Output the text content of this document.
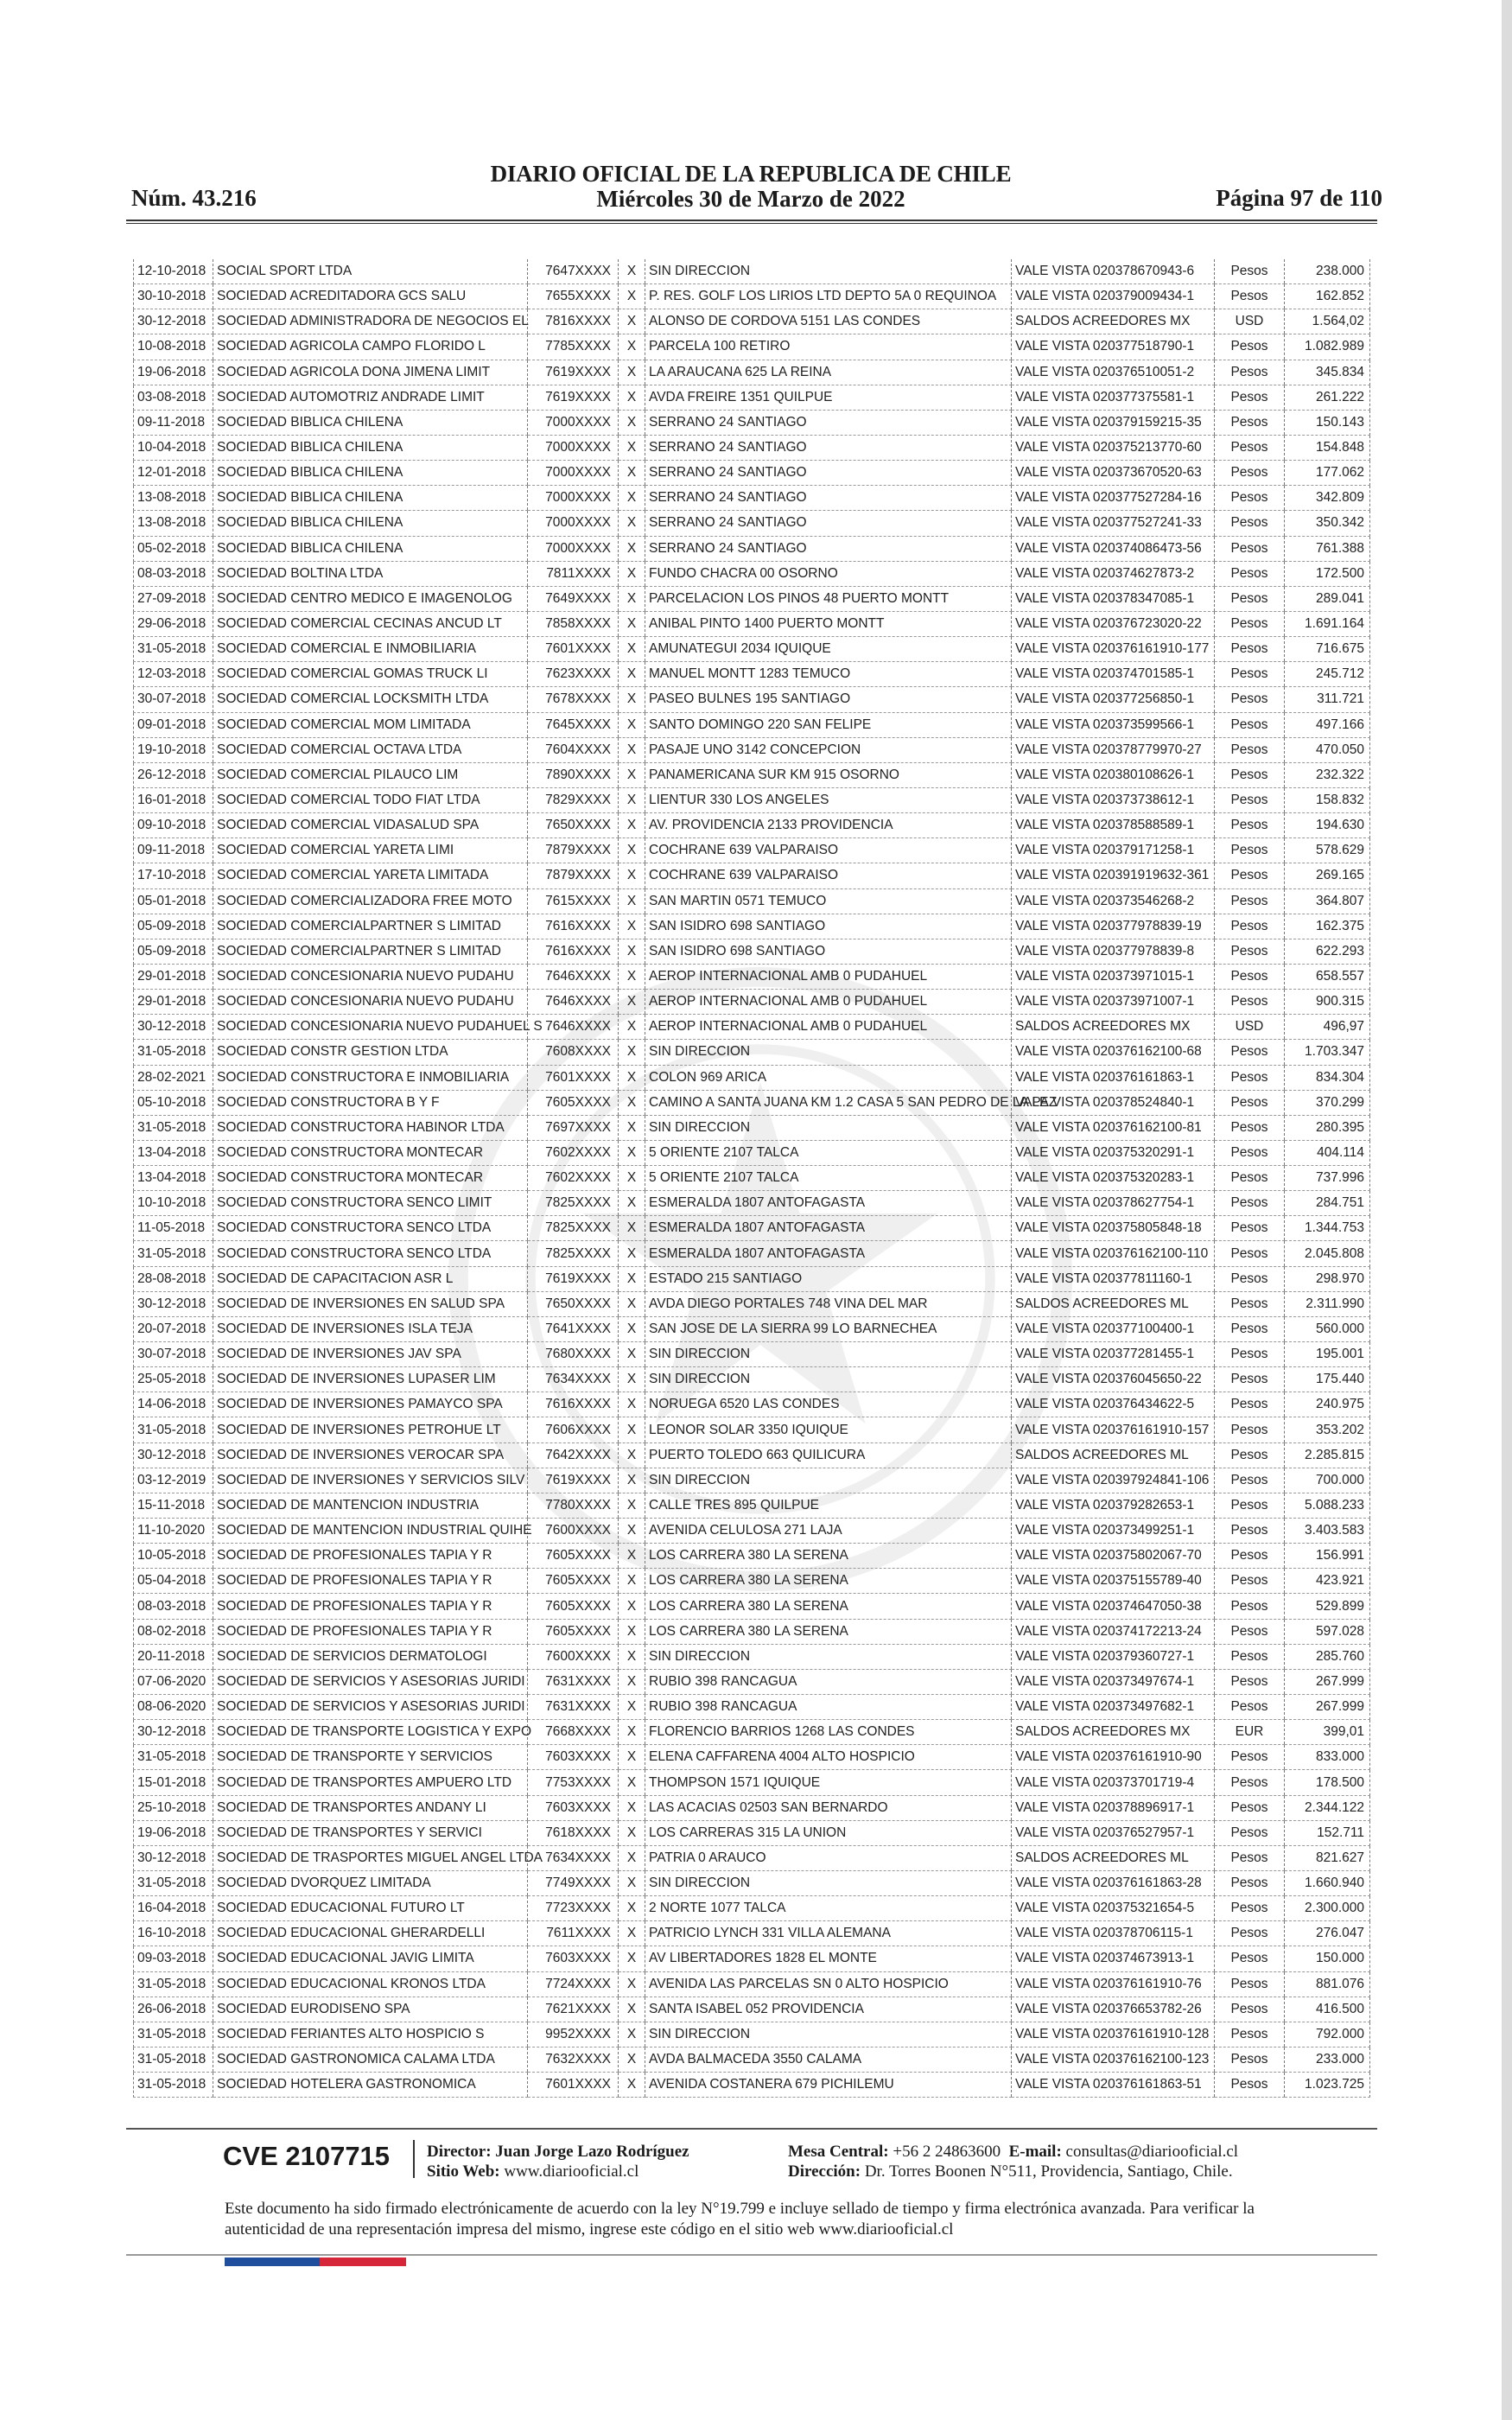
DIARIO OFICIAL DE LA REPUBLICA DE CHILE
Núm. 43.216	Miércoles 30 de Marzo de 2022	Página 97 de 110
12-10-2018	SOCIAL SPORT LTDA	7647XXXX	X	SIN DIRECCION	VALE VISTA 020378670943-6	Pesos	238.000
30-10-2018	SOCIEDAD ACREDITADORA GCS SALU	7655XXXX	X	P. RES. GOLF LOS LIRIOS LTD DEPTO 5A 0 REQUINOA	VALE VISTA 020379009434-1	Pesos	162.852
30-12-2018	SOCIEDAD ADMINISTRADORA DE NEGOCIOS EL	7816XXXX	X	ALONSO DE CORDOVA 5151 LAS CONDES	SALDOS ACREEDORES MX	USD	1.564,02
10-08-2018	SOCIEDAD AGRICOLA CAMPO FLORIDO L	7785XXXX	X	PARCELA 100 RETIRO	VALE VISTA 020377518790-1	Pesos	1.082.989
19-06-2018	SOCIEDAD AGRICOLA DONA JIMENA LIMIT	7619XXXX	X	LA ARAUCANA 625 LA REINA	VALE VISTA 020376510051-2	Pesos	345.834
03-08-2018	SOCIEDAD AUTOMOTRIZ ANDRADE LIMIT	7619XXXX	X	AVDA FREIRE 1351 QUILPUE	VALE VISTA 020377375581-1	Pesos	261.222
09-11-2018	SOCIEDAD BIBLICA CHILENA	7000XXXX	X	SERRANO 24 SANTIAGO	VALE VISTA 020379159215-35	Pesos	150.143
10-04-2018	SOCIEDAD BIBLICA CHILENA	7000XXXX	X	SERRANO 24 SANTIAGO	VALE VISTA 020375213770-60	Pesos	154.848
12-01-2018	SOCIEDAD BIBLICA CHILENA	7000XXXX	X	SERRANO 24 SANTIAGO	VALE VISTA 020373670520-63	Pesos	177.062
13-08-2018	SOCIEDAD BIBLICA CHILENA	7000XXXX	X	SERRANO 24 SANTIAGO	VALE VISTA 020377527284-16	Pesos	342.809
13-08-2018	SOCIEDAD BIBLICA CHILENA	7000XXXX	X	SERRANO 24 SANTIAGO	VALE VISTA 020377527241-33	Pesos	350.342
05-02-2018	SOCIEDAD BIBLICA CHILENA	7000XXXX	X	SERRANO 24 SANTIAGO	VALE VISTA 020374086473-56	Pesos	761.388
08-03-2018	SOCIEDAD BOLTINA LTDA	7811XXXX	X	FUNDO CHACRA 00 OSORNO	VALE VISTA 020374627873-2	Pesos	172.500
27-09-2018	SOCIEDAD CENTRO MEDICO E IMAGENOLOG	7649XXXX	X	PARCELACION LOS PINOS 48 PUERTO MONTT	VALE VISTA 020378347085-1	Pesos	289.041
29-06-2018	SOCIEDAD COMERCIAL CECINAS ANCUD LT	7858XXXX	X	ANIBAL PINTO 1400 PUERTO MONTT	VALE VISTA 020376723020-22	Pesos	1.691.164
31-05-2018	SOCIEDAD COMERCIAL E INMOBILIARIA	7601XXXX	X	AMUNATEGUI 2034 IQUIQUE	VALE VISTA 020376161910-177	Pesos	716.675
12-03-2018	SOCIEDAD COMERCIAL GOMAS TRUCK LI	7623XXXX	X	MANUEL MONTT 1283 TEMUCO	VALE VISTA 020374701585-1	Pesos	245.712
30-07-2018	SOCIEDAD COMERCIAL LOCKSMITH LTDA	7678XXXX	X	PASEO BULNES 195 SANTIAGO	VALE VISTA 020377256850-1	Pesos	311.721
09-01-2018	SOCIEDAD COMERCIAL MOM LIMITADA	7645XXXX	X	SANTO DOMINGO 220 SAN FELIPE	VALE VISTA 020373599566-1	Pesos	497.166
19-10-2018	SOCIEDAD COMERCIAL OCTAVA LTDA	7604XXXX	X	PASAJE UNO 3142 CONCEPCION	VALE VISTA 020378779970-27	Pesos	470.050
26-12-2018	SOCIEDAD COMERCIAL PILAUCO LIM	7890XXXX	X	PANAMERICANA SUR KM 915 OSORNO	VALE VISTA 020380108626-1	Pesos	232.322
16-01-2018	SOCIEDAD COMERCIAL TODO FIAT LTDA	7829XXXX	X	LIENTUR 330 LOS ANGELES	VALE VISTA 020373738612-1	Pesos	158.832
09-10-2018	SOCIEDAD COMERCIAL VIDASALUD SPA	7650XXXX	X	AV. PROVIDENCIA 2133 PROVIDENCIA	VALE VISTA 020378588589-1	Pesos	194.630
09-11-2018	SOCIEDAD COMERCIAL YARETA LIMI	7879XXXX	X	COCHRANE 639 VALPARAISO	VALE VISTA 020379171258-1	Pesos	578.629
17-10-2018	SOCIEDAD COMERCIAL YARETA LIMITADA	7879XXXX	X	COCHRANE 639 VALPARAISO	VALE VISTA 020391919632-361	Pesos	269.165
05-01-2018	SOCIEDAD COMERCIALIZADORA FREE MOTO	7615XXXX	X	SAN MARTIN 0571 TEMUCO	VALE VISTA 020373546268-2	Pesos	364.807
05-09-2018	SOCIEDAD COMERCIALPARTNER S LIMITAD	7616XXXX	X	SAN ISIDRO 698 SANTIAGO	VALE VISTA 020377978839-19	Pesos	162.375
05-09-2018	SOCIEDAD COMERCIALPARTNER S LIMITAD	7616XXXX	X	SAN ISIDRO 698 SANTIAGO	VALE VISTA 020377978839-8	Pesos	622.293
29-01-2018	SOCIEDAD CONCESIONARIA NUEVO PUDAHU	7646XXXX	X	AEROP INTERNACIONAL AMB 0 PUDAHUEL	VALE VISTA 020373971015-1	Pesos	658.557
29-01-2018	SOCIEDAD CONCESIONARIA NUEVO PUDAHU	7646XXXX	X	AEROP INTERNACIONAL AMB 0 PUDAHUEL	VALE VISTA 020373971007-1	Pesos	900.315
30-12-2018	SOCIEDAD CONCESIONARIA NUEVO PUDAHUEL S	7646XXXX	X	AEROP INTERNACIONAL AMB 0 PUDAHUEL	SALDOS ACREEDORES MX	USD	496,97
31-05-2018	SOCIEDAD CONSTR GESTION LTDA	7608XXXX	X	SIN DIRECCION	VALE VISTA 020376162100-68	Pesos	1.703.347
28-02-2021	SOCIEDAD CONSTRUCTORA E INMOBILIARIA	7601XXXX	X	COLON 969 ARICA	VALE VISTA 020376161863-1	Pesos	834.304
05-10-2018	SOCIEDAD CONSTRUCTORA B Y F	7605XXXX	X	CAMINO A SANTA JUANA KM 1.2 CASA 5 SAN PEDRO DE LA PAZ	VALE VISTA 020378524840-1	Pesos	370.299
31-05-2018	SOCIEDAD CONSTRUCTORA HABINOR LTDA	7697XXXX	X	SIN DIRECCION	VALE VISTA 020376162100-81	Pesos	280.395
13-04-2018	SOCIEDAD CONSTRUCTORA MONTECAR	7602XXXX	X	5 ORIENTE 2107 TALCA	VALE VISTA 020375320291-1	Pesos	404.114
13-04-2018	SOCIEDAD CONSTRUCTORA MONTECAR	7602XXXX	X	5 ORIENTE 2107 TALCA	VALE VISTA 020375320283-1	Pesos	737.996
10-10-2018	SOCIEDAD CONSTRUCTORA SENCO LIMIT	7825XXXX	X	ESMERALDA 1807 ANTOFAGASTA	VALE VISTA 020378627754-1	Pesos	284.751
11-05-2018	SOCIEDAD CONSTRUCTORA SENCO LTDA	7825XXXX	X	ESMERALDA 1807 ANTOFAGASTA	VALE VISTA 020375805848-18	Pesos	1.344.753
31-05-2018	SOCIEDAD CONSTRUCTORA SENCO LTDA	7825XXXX	X	ESMERALDA 1807 ANTOFAGASTA	VALE VISTA 020376162100-110	Pesos	2.045.808
28-08-2018	SOCIEDAD DE CAPACITACION ASR L	7619XXXX	X	ESTADO 215 SANTIAGO	VALE VISTA 020377811160-1	Pesos	298.970
30-12-2018	SOCIEDAD DE INVERSIONES EN SALUD SPA	7650XXXX	X	AVDA DIEGO PORTALES 748 VINA DEL MAR	SALDOS ACREEDORES ML	Pesos	2.311.990
20-07-2018	SOCIEDAD DE INVERSIONES ISLA TEJA	7641XXXX	X	SAN JOSE DE LA SIERRA 99 LO BARNECHEA	VALE VISTA 020377100400-1	Pesos	560.000
30-07-2018	SOCIEDAD DE INVERSIONES JAV SPA	7680XXXX	X	SIN DIRECCION	VALE VISTA 020377281455-1	Pesos	195.001
25-05-2018	SOCIEDAD DE INVERSIONES LUPASER LIM	7634XXXX	X	SIN DIRECCION	VALE VISTA 020376045650-22	Pesos	175.440
14-06-2018	SOCIEDAD DE INVERSIONES PAMAYCO SPA	7616XXXX	X	NORUEGA 6520 LAS CONDES	VALE VISTA 020376434622-5	Pesos	240.975
31-05-2018	SOCIEDAD DE INVERSIONES PETROHUE LT	7606XXXX	X	LEONOR SOLAR 3350 IQUIQUE	VALE VISTA 020376161910-157	Pesos	353.202
30-12-2018	SOCIEDAD DE INVERSIONES VEROCAR SPA	7642XXXX	X	PUERTO TOLEDO 663 QUILICURA	SALDOS ACREEDORES ML	Pesos	2.285.815
03-12-2019	SOCIEDAD DE INVERSIONES Y SERVICIOS SILV	7619XXXX	X	SIN DIRECCION	VALE VISTA 020397924841-106	Pesos	700.000
15-11-2018	SOCIEDAD DE MANTENCION INDUSTRIA	7780XXXX	X	CALLE TRES 895 QUILPUE	VALE VISTA 020379282653-1	Pesos	5.088.233
11-10-2020	SOCIEDAD DE MANTENCION INDUSTRIAL QUIHE	7600XXXX	X	AVENIDA CELULOSA 271 LAJA	VALE VISTA 020373499251-1	Pesos	3.403.583
10-05-2018	SOCIEDAD DE PROFESIONALES TAPIA Y R	7605XXXX	X	LOS CARRERA 380 LA SERENA	VALE VISTA 020375802067-70	Pesos	156.991
05-04-2018	SOCIEDAD DE PROFESIONALES TAPIA Y R	7605XXXX	X	LOS CARRERA 380 LA SERENA	VALE VISTA 020375155789-40	Pesos	423.921
08-03-2018	SOCIEDAD DE PROFESIONALES TAPIA Y R	7605XXXX	X	LOS CARRERA 380 LA SERENA	VALE VISTA 020374647050-38	Pesos	529.899
08-02-2018	SOCIEDAD DE PROFESIONALES TAPIA Y R	7605XXXX	X	LOS CARRERA 380 LA SERENA	VALE VISTA 020374172213-24	Pesos	597.028
20-11-2018	SOCIEDAD DE SERVICIOS DERMATOLOGI	7600XXXX	X	SIN DIRECCION	VALE VISTA 020379360727-1	Pesos	285.760
07-06-2020	SOCIEDAD DE SERVICIOS Y ASESORIAS JURIDI	7631XXXX	X	RUBIO 398 RANCAGUA	VALE VISTA 020373497674-1	Pesos	267.999
08-06-2020	SOCIEDAD DE SERVICIOS Y ASESORIAS JURIDI	7631XXXX	X	RUBIO 398 RANCAGUA	VALE VISTA 020373497682-1	Pesos	267.999
30-12-2018	SOCIEDAD DE TRANSPORTE LOGISTICA Y EXPO	7668XXXX	X	FLORENCIO BARRIOS 1268 LAS CONDES	SALDOS ACREEDORES MX	EUR	399,01
31-05-2018	SOCIEDAD DE TRANSPORTE Y SERVICIOS	7603XXXX	X	ELENA CAFFARENA 4004 ALTO HOSPICIO	VALE VISTA 020376161910-90	Pesos	833.000
15-01-2018	SOCIEDAD DE TRANSPORTES AMPUERO LTD	7753XXXX	X	THOMPSON 1571 IQUIQUE	VALE VISTA 020373701719-4	Pesos	178.500
25-10-2018	SOCIEDAD DE TRANSPORTES ANDANY LI	7603XXXX	X	LAS ACACIAS 02503 SAN BERNARDO	VALE VISTA 020378896917-1	Pesos	2.344.122
19-06-2018	SOCIEDAD DE TRANSPORTES Y SERVICI	7618XXXX	X	LOS CARRERAS 315 LA UNION	VALE VISTA 020376527957-1	Pesos	152.711
30-12-2018	SOCIEDAD DE TRASPORTES MIGUEL ANGEL LTDA	7634XXXX	X	PATRIA 0 ARAUCO	SALDOS ACREEDORES ML	Pesos	821.627
31-05-2018	SOCIEDAD DVORQUEZ LIMITADA	7749XXXX	X	SIN DIRECCION	VALE VISTA 020376161863-28	Pesos	1.660.940
16-04-2018	SOCIEDAD EDUCACIONAL FUTURO LT	7723XXXX	X	2 NORTE 1077 TALCA	VALE VISTA 020375321654-5	Pesos	2.300.000
16-10-2018	SOCIEDAD EDUCACIONAL GHERARDELLI	7611XXXX	X	PATRICIO LYNCH 331 VILLA ALEMANA	VALE VISTA 020378706115-1	Pesos	276.047
09-03-2018	SOCIEDAD EDUCACIONAL JAVIG LIMITA	7603XXXX	X	AV LIBERTADORES 1828 EL MONTE	VALE VISTA 020374673913-1	Pesos	150.000
31-05-2018	SOCIEDAD EDUCACIONAL KRONOS LTDA	7724XXXX	X	AVENIDA LAS PARCELAS SN 0 ALTO HOSPICIO	VALE VISTA 020376161910-76	Pesos	881.076
26-06-2018	SOCIEDAD EURODISENO SPA	7621XXXX	X	SANTA ISABEL 052 PROVIDENCIA	VALE VISTA 020376653782-26	Pesos	416.500
31-05-2018	SOCIEDAD FERIANTES ALTO HOSPICIO S	9952XXXX	X	SIN DIRECCION	VALE VISTA 020376161910-128	Pesos	792.000
31-05-2018	SOCIEDAD GASTRONOMICA CALAMA LTDA	7632XXXX	X	AVDA BALMACEDA 3550 CALAMA	VALE VISTA 020376162100-123	Pesos	233.000
31-05-2018	SOCIEDAD HOTELERA GASTRONOMICA	7601XXXX	X	AVENIDA COSTANERA 679 PICHILEMU	VALE VISTA 020376161863-51	Pesos	1.023.725
CVE 2107715 Director: Juan Jorge Lazo Rodríguez
Sitio Web: www.diariooficial.cl
Mesa Central: +56 2 24863600 E-mail: consultas@diariooficial.cl
Dirección: Dr. Torres Boonen N°511, Providencia, Santiago, Chile.
Este documento ha sido firmado electrónicamente de acuerdo con la ley N°19.799 e incluye sellado de tiempo y firma electrónica avanzada. Para verificar la autenticidad de una representación impresa del mismo, ingrese este código en el sitio web www.diariooficial.cl
